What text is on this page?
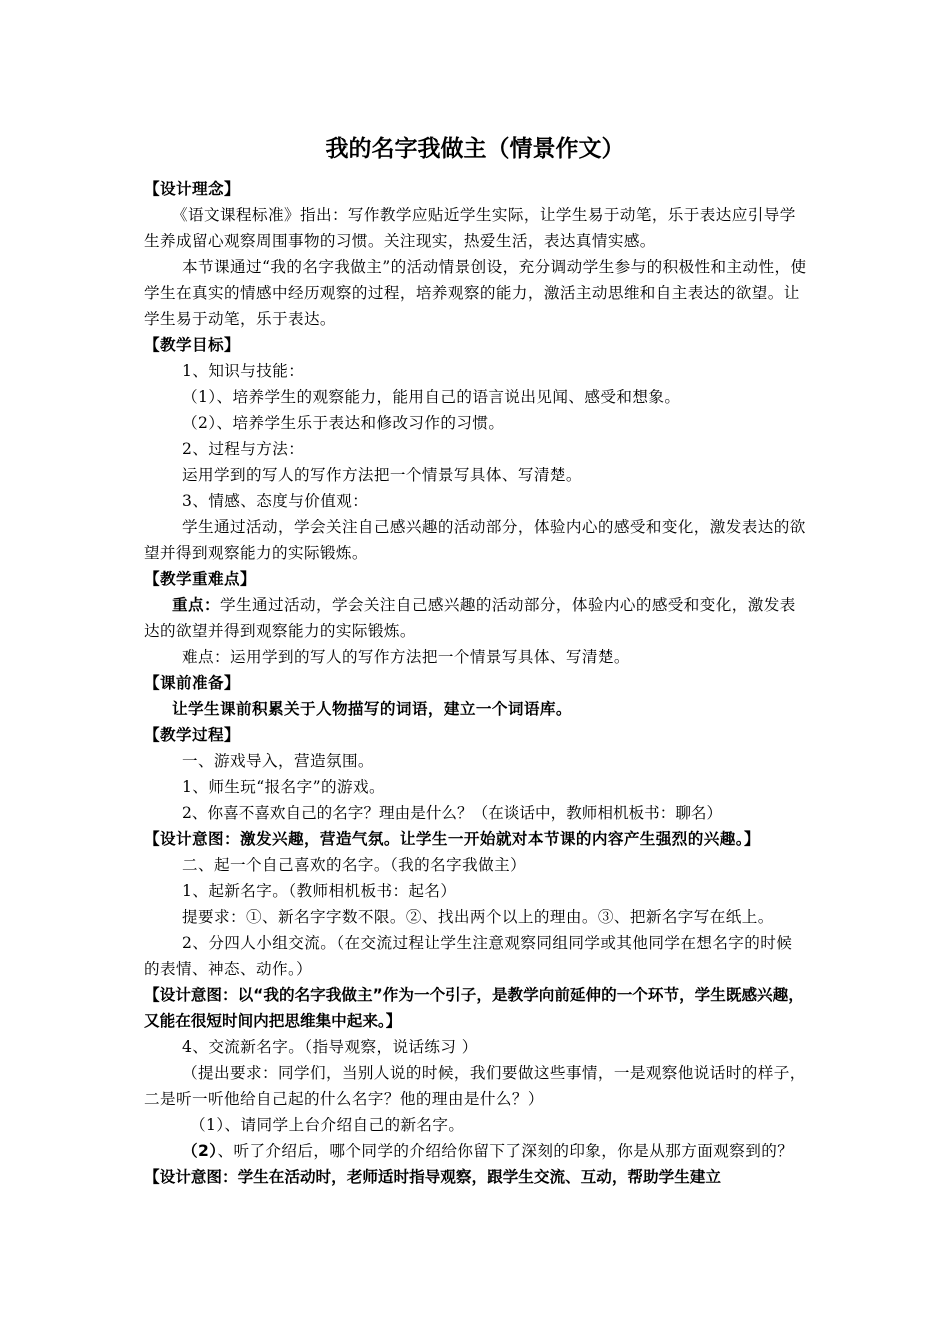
我的名字我做主（情景作文）

【设计理念】

《语文课程标准》指出：写作教学应贴近学生实际，让学生易于动笔，乐于表达应引导学生养成留心观察周围事物的习惯。关注现实，热爱生活，表达真情实感。

本节课通过“我的名字我做主”的活动情景创设，充分调动学生参与的积极性和主动性，使学生在真实的情感中经历观察的过程，培养观察的能力，激活主动思维和自主表达的欲望。让学生易于动笔，乐于表达。

【教学目标】

1、知识与技能：

（1）、培养学生的观察能力，能用自己的语言说出见闻、感受和想象。

（2）、培养学生乐于表达和修改习作的习惯。

2、过程与方法：

运用学到的写人的写作方法把一个情景写具体、写清楚。

3、情感、态度与价值观：

学生通过活动，学会关注自己感兴趣的活动部分，体验内心的感受和变化，激发表达的欲望并得到观察能力的实际锻炼。

【教学重难点】

重点：学生通过活动，学会关注自己感兴趣的活动部分，体验内心的感受和变化，激发表达的欲望并得到观察能力的实际锻炼。

难点：运用学到的写人的写作方法把一个情景写具体、写清楚。

【课前准备】

让学生课前积累关于人物描写的词语，建立一个词语库。

【教学过程】

一、游戏导入，营造氛围。

1、师生玩“报名字”的游戏。

2、你喜不喜欢自己的名字？理由是什么？（在谈话中，教师相机板书：聊名）

【设计意图：激发兴趣，营造气氛。让学生一开始就对本节课的内容产生强烈的兴趣。】

二、起一个自己喜欢的名字。（我的名字我做主）

1、起新名字。（教师相机板书：起名）

提要求：①、新名字字数不限。②、找出两个以上的理由。③、把新名字写在纸上。

2、分四人小组交流。（在交流过程让学生注意观察同组同学或其他同学在想名字的时候的表情、神态、动作。）

【设计意图：以“我的名字我做主”作为一个引子，是教学向前延伸的一个环节，学生既感兴趣，又能在很短时间内把思维集中起来。】

4、交流新名字。（指导观察，说话练习 ）

（提出要求：同学们，当别人说的时候，我们要做这些事情，一是观察他说话时的样子，二是听一听他给自己起的什么名字？他的理由是什么？）

（1）、请同学上台介绍自己的新名字。

（2）、听了介绍后，哪个同学的介绍给你留下了深刻的印象，你是从那方面观察到的？

【设计意图：学生在活动时，老师适时指导观察，跟学生交流、互动，帮助学生建立
